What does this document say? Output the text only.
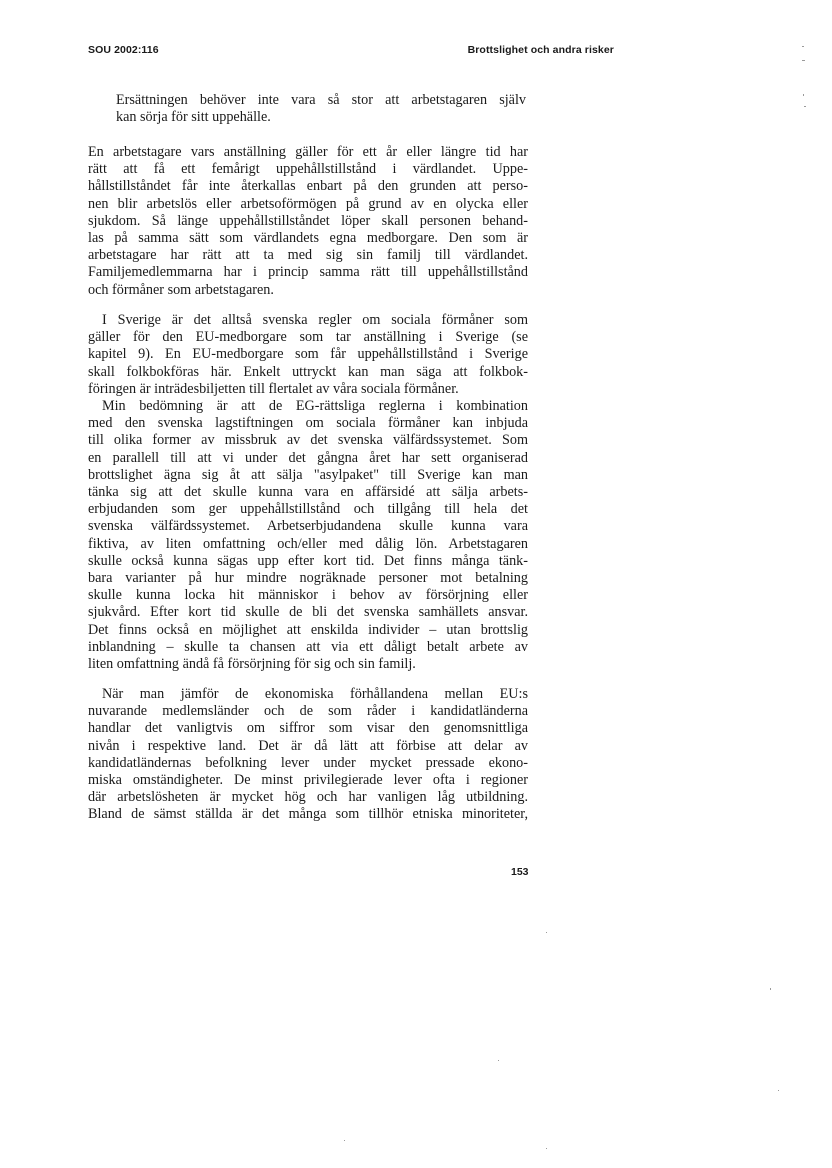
SOU 2002:116	Brottslighet och andra risker
Ersättningen behöver inte vara så stor att arbetstagaren själv
kan sörja för sitt uppehälle.
En arbetstagare vars anställning gäller för ett år eller längre tid har
rätt att få ett femårigt uppehållstillstånd i värdlandet. Uppe-
hållstillståndet får inte återkallas enbart på den grunden att perso-
nen blir arbetslös eller arbetsoförmögen på grund av en olycka eller
sjukdom. Så länge uppehållstillståndet löper skall personen behand-
las på samma sätt som värdlandets egna medborgare. Den som är
arbetstagare har rätt att ta med sig sin familj till värdlandet.
Familjemedlemmarna har i princip samma rätt till uppehållstillstånd
och förmåner som arbetstagaren.
I Sverige är det alltså svenska regler om sociala förmåner som
gäller för den EU-medborgare som tar anställning i Sverige (se
kapitel 9). En EU-medborgare som får uppehållstillstånd i Sverige
skall folkbokföras här. Enkelt uttryckt kan man säga att folkbok-
föringen är inträdesbiljetten till flertalet av våra sociala förmåner.
Min bedömning är att de EG-rättsliga reglerna i kombination
med den svenska lagstiftningen om sociala förmåner kan inbjuda
till olika former av missbruk av det svenska välfärdssystemet. Som
en parallell till att vi under det gångna året har sett organiserad
brottslighet ägna sig åt att sälja "asylpaket" till Sverige kan man
tänka sig att det skulle kunna vara en affärsidé att sälja arbets-
erbjudanden som ger uppehållstillstånd och tillgång till hela det
svenska välfärdssystemet. Arbetserbjudandena skulle kunna vara
fiktiva, av liten omfattning och/eller med dålig lön. Arbetstagaren
skulle också kunna sägas upp efter kort tid. Det finns många tänk-
bara varianter på hur mindre nogräknade personer mot betalning
skulle kunna locka hit människor i behov av försörjning eller
sjukvård. Efter kort tid skulle de bli det svenska samhällets ansvar.
Det finns också en möjlighet att enskilda individer – utan brottslig
inblandning – skulle ta chansen att via ett dåligt betalt arbete av
liten omfattning ändå få försörjning för sig och sin familj.
När man jämför de ekonomiska förhållandena mellan EU:s
nuvarande medlemsländer och de som råder i kandidatländerna
handlar det vanligtvis om siffror som visar den genomsnittliga
nivån i respektive land. Det är då lätt att förbise att delar av
kandidatländernas befolkning lever under mycket pressade ekono-
miska omständigheter. De minst privilegierade lever ofta i regioner
där arbetslösheten är mycket hög och har vanligen låg utbildning.
Bland de sämst ställda är det många som tillhör etniska minoriteter,
153
